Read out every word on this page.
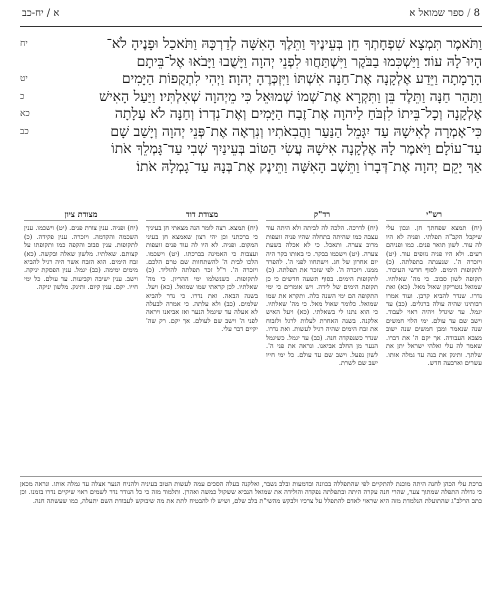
8 / ספר שמואל א
א / יח-כב
וַתֹּאמֶר תִּמְצָא שִׁפְחָתְךָ חֵן בְּעֵינֶיךָ וַתֵּלֶךְ הָאִשָּׁה לְדַרְכָּהּ וַתֹּאכַל וּפָנֶיהָ לֹא־
יח
הָיוּ־לָהּ עוֹד׃ וַיַּשְׁכִּמוּ בַבֹּקֶר וַיִּשְׁתַּחֲווּ לִפְנֵי יְהוָה וַיָּשֻׁבוּ וַיָּבֹאוּ אֶל־בֵּיתָם
הָרָמָתָה וַיֵּדַע אֶלְקָנָה אֶת־חַנָּה אִשְׁתּוֹ וַיִּזְכְּרֶהָ יְהוָה׃ וַיְהִי לִתְקֻפוֹת הַיָּמִים
יט
וַתַּהַר חַנָּה וַתֵּלֶד בֵּן וַתִּקְרָא אֶת־שְׁמוֹ שְׁמוּאֵל כִּי מֵיְהוָה שְׁאִלְתִּיו׃ וַיַּעַל הָאִישׁ
כ
אֶלְקָנָה וְכָל־בֵּיתוֹ לִזְבֹּחַ לַיהוָה אֶת־זֶבַח הַיָּמִים וְאֶת־נִדְרוֹ׃ וְחַנָּה לֹא עָלָתָה
כא
כִּי־אָמְרָה לְאִישָׁהּ עַד יִגָּמֵל הַנַּעַר וַהֲבִאֹתִיו וְנִרְאָה אֶת־פְּנֵי יְהוָה וְיָשַׁב שָׁם
כב
עַד־עוֹלָם׃ וַיֹּאמֶר לָהּ אֶלְקָנָה אִישָׁהּ עֲשִׂי הַטּוֹב בְּעֵינַיִךְ שְׁבִי עַד־גָּמְלֵךְ אֹתוֹ
אַךְ יָקֵם יְהוָה אֶת־דְּבָרוֹ וַתֵּשֶׁב הָאִשָּׁה וַתֵּינֶק אֶת־בְּנָהּ עַד־גָמְלָהּ אֹתוֹ׃
רש"י
(יח) תמצא שפחתך חן. ונכון עלי שיקבל הקב"ה תפלתי. ופניה לא היו לה עוד. לשון תואר פנים. כמו ופניהם רעים. ולא היו פניה נזופים עוד. (יט) ויזכרה ה'. שנענתה בתפלתה. (כ) לתקופות הימים. לסוף חדשי העיבור. תקופה לשון סבוב. כי מה' שאלתיו. שמואל נוטריקון שאול מאל. (כא) ואת נדרו. שנדר להביא קרבן. ועוד אמרו רבותינו שהיה עולה ברגלים. (כב) עד יגמל. עד שיגדל ויהיה ראוי לעבוד. וישב שם עד עולם. ימי הלוי חמשים שנה שנאמר ומבן חמשים שנה ישוב מצבא העבודה. אך יקם ה' את דברו. שאמר לה עלי ואלהי ישראל יתן את שלתך. ותינק את בנה עד גמלה אותו. עשרים וארבעה חדש.
רד"ק
(יח) לדרכה. הלכה לה לביתה ולא היתה עוד עצבה כמו שהיתה בתחלה שהיו פניה זועפות מרוב צערה. ותאכל. כי לא אכלה בשעת צערה. (יט) וישכמו בבקר. כי באותו בקר היה יום אחרון של חג. וישתחוו לפני ה'. להפרד ממנו. ויזכרה ה'. לפי שזכר את תפלתה. (כ) לתקופות הימים. בסוף תשעה חדשים כי כן תקופת הימים של לידה. ויש אומרים כי ימי התקופה הם ימי השנה כלה. ותקרא את שמו שמואל. כלומר שאול מאל. כי מה' שאלתיו. כי הוא נתנו לי בשאלתי. (כא) ויעל האיש אלקנה. בשנה האחרת לעלות לרגל ולזבוח את זבח הימים שהיה רגיל לעשות. ואת נדרו. שנדר כשנפקדה חנה. (כב) עד יגמל. כשיגמל הנער מן החלב אביאנו. ונראה את פני ה'. לשון נפעל. וישב שם עד עולם. כל ימי חייו ישב שם לשרת.
מצודת דוד
(יח) תמצא. רצה לומר הנה מצאתי חן בעיניך כי ברכתני וכן יהי רצון שאמצא חן בעיני המקום. ופניה. לא היו לה עוד פנים זועפות ועצבות כי האמינה בברכתו. (יט) וישכמו. הלכו לבית ה' להשתחוות שם טרם הלכם. ויזכרה ה'. ר"ל זכר תפלתה להוליד. (כ) לתקופות. כשנשלמו ימי ההריון. כי מה' שאלתיו. לכן קראתי שמו שמואל. (כא) ויעל. בשנה הבאה. ואת נדרו. כי נדר להביא שלמים. (כב) ולא עלתה. כי אמרה לבעלה לא אעלה עד שיגמל הנער ואז אביאנו ויראה לפני ה' וישב שם לעולם. אך יקם. רק שה' יקיים דבר עלי.
מצודת ציון
(יח) ופניה. ענין צורת פנים. (יט) וישכמו. ענין השכמה והקדמה. ויזכרה. ענין פקידה. (כ) לתקופות. ענין סבוב והקפה כמו ותקופתו על קצותם. שאלתיו. מלשון שאלה ובקשה. (כא) זבח הימים. הוא הזבח אשר היה רגיל להביא מימים ימימה. (כב) יגמל. ענין הפסקת יניקה. וישב. ענין ישיבה וקביעות. עד עולם. כל ימי חייו. יקם. ענין קיום. ותינק. מלשון יניקה.
ברכת עלי הכהן לחנה היתה מוכנת להתקיים לפי שהתפללה בכוונה ובדמעות ובלב נשבר, ואלקנה בעלה הסכים עמה לעשות הטוב בעיניה ולהניח הנער אצלה עד גמלה אותו. ונראה מכאן כי גדולה התפלה שמתוך צער, שהרי חנה עקרה היתה ובתפלתה נפקדה והולידה את שמואל הנביא ששקול כמשה ואהרן. ותלמוד מזה כי כל הנודר נדר לשמים ראוי שיקיים נדרו בזמנו. וכן כתב הרלב"ג שהתועלת הנלמדת מזה היא שראוי לאדם להתפלל על צרכיו ולבקש מהשי"ת בלב שלם, ושיש לו להבטיח לתת את מה שיבוקש לעבודת השם יתעלה, כמו שעשתה חנה.
